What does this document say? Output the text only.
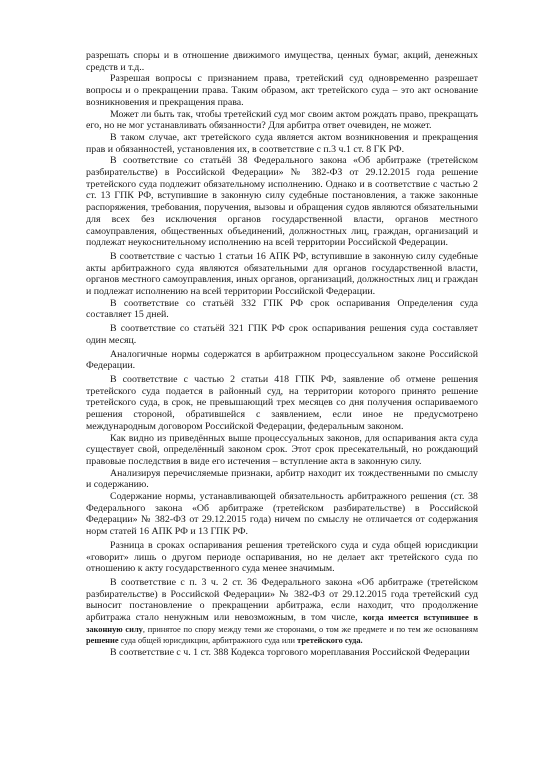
разрешать споры и в отношение движимого имущества, ценных бумаг, акций, денежных средств и т.д..

Разрешая вопросы с признанием права, третейский суд одновременно разрешает вопросы и о прекращении права. Таким образом, акт третейского суда – это акт основание возникновения и прекращения права.

Может ли быть так, чтобы третейский суд мог своим актом рождать право, прекращать его, но не мог устанавливать обязанности? Для арбитра ответ очевиден, не может.

В таком случае, акт третейского суда является актом возникновения и прекращения прав и обязанностей, установления их, в соответствие с п.3 ч.1 ст. 8 ГК РФ.

В соответствие со статьёй 38 Федерального закона «Об арбитраже (третейском разбирательстве) в Российской Федерации» № 382-ФЗ от 29.12.2015 года решение третейского суда подлежит обязательному исполнению. Однако и в соответствие с частью 2 ст. 13 ГПК РФ, вступившие в законную силу судебные постановления, а также законные распоряжения, требования, поручения, вызовы и обращения судов являются обязательными для всех без исключения органов государственной власти, органов местного самоуправления, общественных объединений, должностных лиц, граждан, организаций и подлежат неукоснительному исполнению на всей территории Российской Федерации.

В соответствие с частью 1 статьи 16 АПК РФ, вступившие в законную силу судебные акты арбитражного суда являются обязательными для органов государственной власти, органов местного самоуправления, иных органов, организаций, должностных лиц и граждан и подлежат исполнению на всей территории Российской Федерации.

В соответствие со статьёй 332 ГПК РФ срок оспаривания Определения суда составляет 15 дней.

В соответствие со статьёй 321 ГПК РФ срок оспаривания решения суда составляет один месяц.

Аналогичные нормы содержатся в арбитражном процессуальном законе Российской Федерации.

В соответствие с частью 2 статьи 418 ГПК РФ, заявление об отмене решения третейского суда подается в районный суд, на территории которого принято решение третейского суда, в срок, не превышающий трех месяцев со дня получения оспариваемого решения стороной, обратившейся с заявлением, если иное не предусмотрено международным договором Российской Федерации, федеральным законом.

Как видно из приведённых выше процессуальных законов, для оспаривания акта суда существует свой, определённый законом срок. Этот срок пресекательный, но рождающий правовые последствия в виде его истечения – вступление акта в законную силу.

Анализируя перечисляемые признаки, арбитр находит их тождественными по смыслу и содержанию.

Содержание нормы, устанавливающей обязательность арбитражного решения (ст. 38 Федерального закона «Об арбитраже (третейском разбирательстве) в Российской Федерации» № 382-ФЗ от 29.12.2015 года) ничем по смыслу не отличается от содержания норм статей 16 АПК РФ и 13 ГПК РФ.

Разница в сроках оспаривания решения третейского суда и суда общей юрисдикции «говорит» лишь о другом периоде оспаривания, но не делает акт третейского суда по отношению к акту государственного суда менее значимым.

В соответствие с п. 3 ч. 2 ст. 36 Федерального закона «Об арбитраже (третейском разбирательстве) в Российской Федерации» № 382-ФЗ от 29.12.2015 года третейский суд выносит постановление о прекращении арбитража, если находит, что продолжение арбитража стало ненужным или невозможным, в том числе, когда имеется вступившее в законную силу, принятое по спору между теми же сторонами, о том же предмете и по тем же основаниям решение суда общей юрисдикции, арбитражного суда или третейского суда.

В соответствие с ч. 1 ст. 388 Кодекса торгового мореплавания Российской Федерации
